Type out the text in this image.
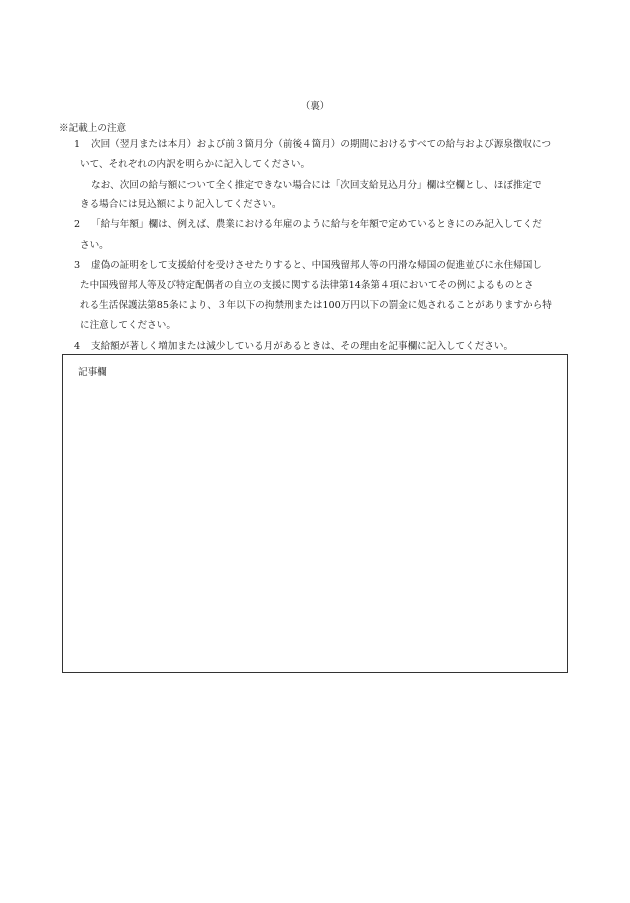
（裏）
※記載上の注意
1 次回（翌月または本月）および前３箇月分（前後４箇月）の期間におけるすべての給与および源泉徴収につ
いて、それぞれの内訳を明らかに記入してください。
なお、次回の給与額について全く推定できない場合には「次回支給見込月分」欄は空欄とし、ほぼ推定で
きる場合には見込額により記入してください。
2 「給与年額」欄は、例えば、農業における年雇のように給与を年額で定めているときにのみ記入してくだ
さい。
3 虚偽の証明をして支援給付を受けさせたりすると、中国残留邦人等の円滑な帰国の促進並びに永住帰国し
た中国残留邦人等及び特定配偶者の自立の支援に関する法律第14条第４項においてその例によるものとさ
れる生活保護法第85条により、３年以下の拘禁刑または100万円以下の罰金に処されることがありますから特
に注意してください。
4 支給額が著しく増加または減少している月があるときは、その理由を記事欄に記入してください。
記事欄
